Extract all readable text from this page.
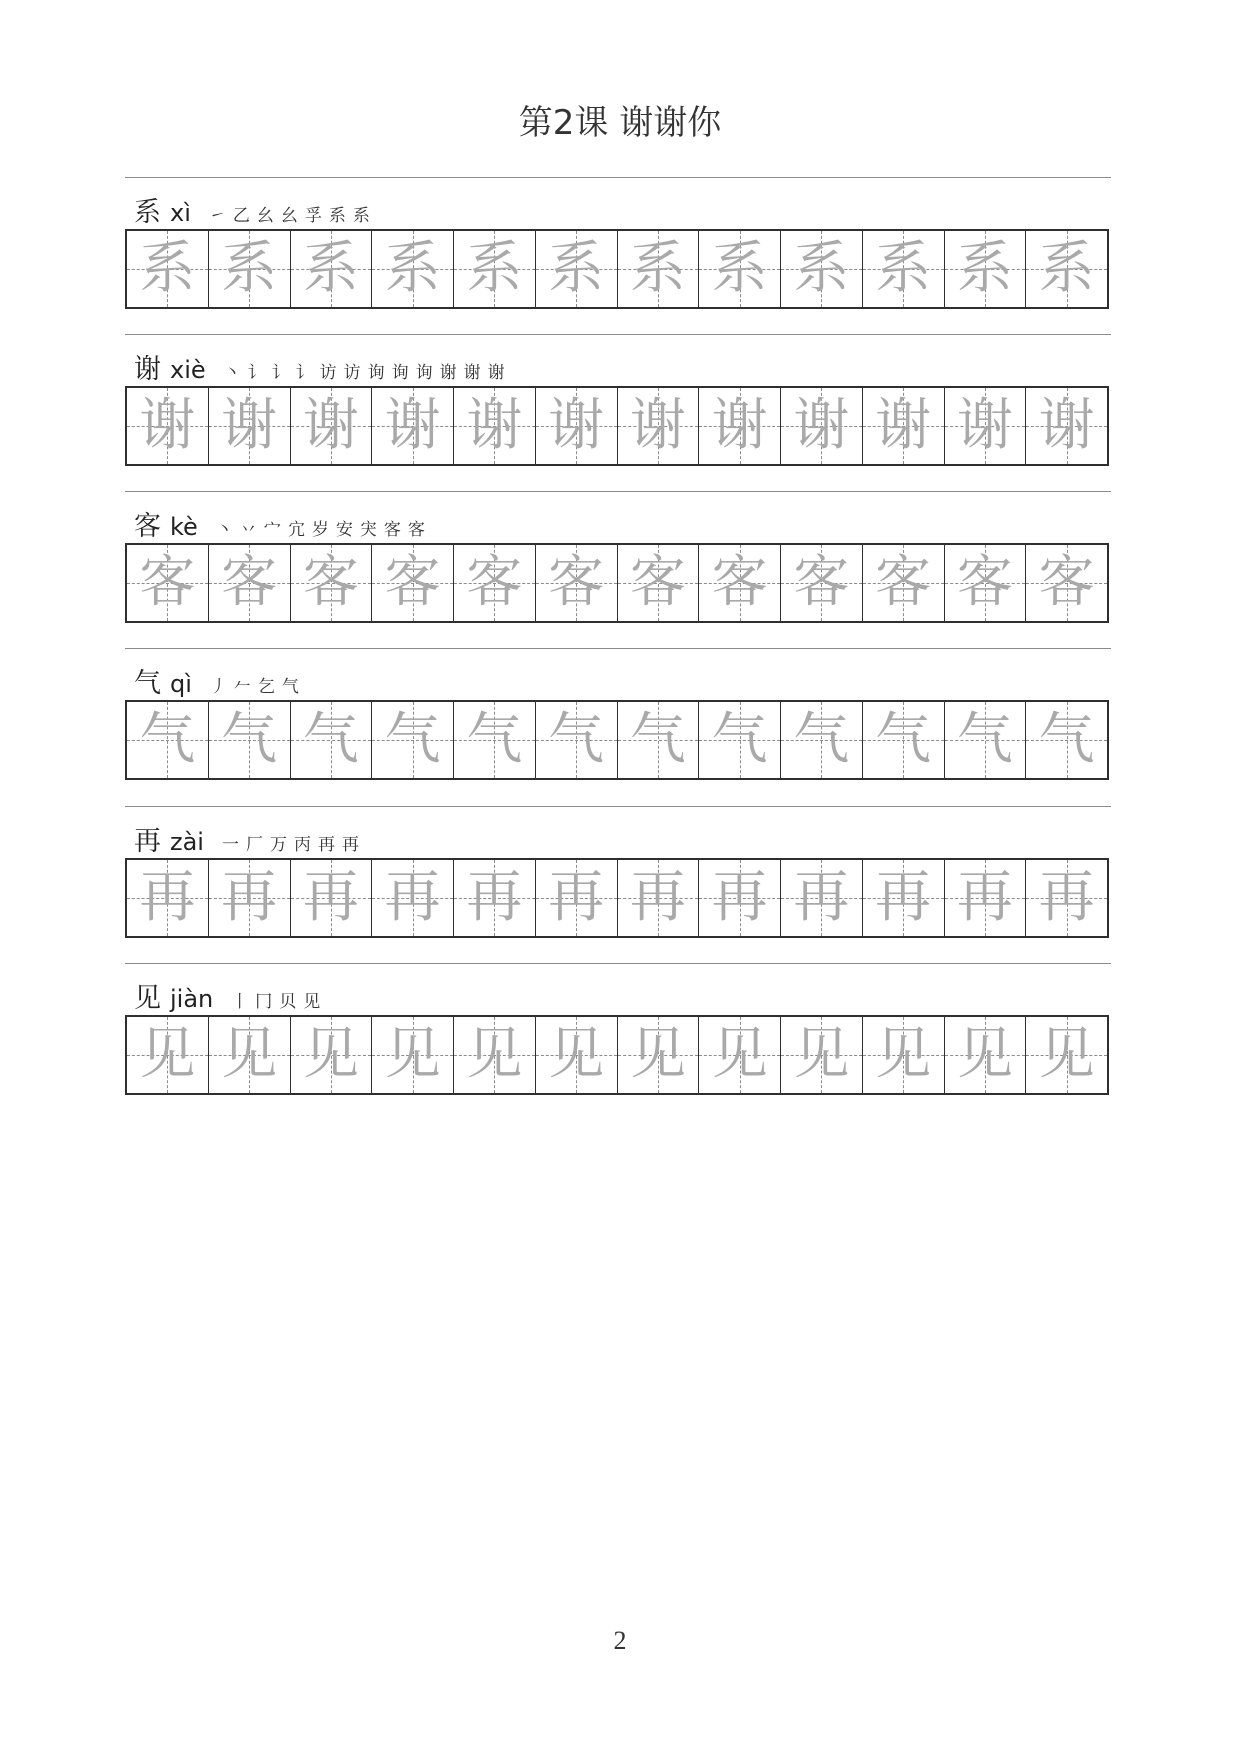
第2课 谢谢你
系 xì ㇀ 乙 幺 幺 孚 系 系
系 系 系 系 系 系 系 系 系 系 系 系
谢 xiè 丶 讠 讠 讠 访 访 询 询 询 谢 谢 谢
谢 谢 谢 谢 谢 谢 谢 谢 谢 谢 谢 谢
客 kè 丶 丷 宀 宂 岁 安 宊 客 客
客 客 客 客 客 客 客 客 客 客 客 客
气 qì 丿 𠂉 乞 气
气 气 气 气 气 气 气 气 气 气 气 气
再 zài 一 厂 万 丙 再 再
再 再 再 再 再 再 再 再 再 再 再 再
见 jiàn 丨 冂 贝 见
见 见 见 见 见 见 见 见 见 见 见 见
2
